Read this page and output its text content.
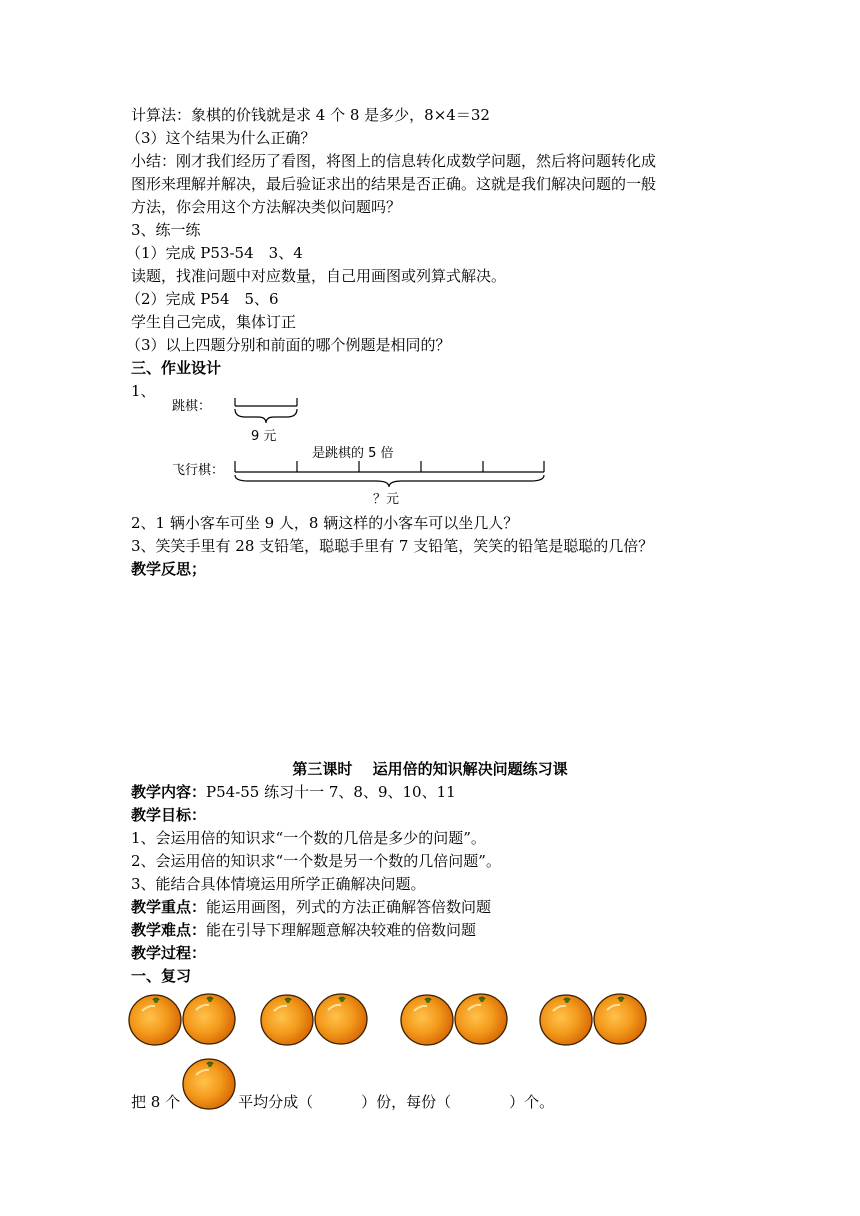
计算法：象棋的价钱就是求 4 个 8 是多少，8×4＝32
（3）这个结果为什么正确？
小结：刚才我们经历了看图，将图上的信息转化成数学问题，然后将问题转化成
图形来理解并解决，最后验证求出的结果是否正确。这就是我们解决问题的一般
方法，你会用这个方法解决类似问题吗？
3、练一练
（1）完成 P53-54　3、4
读题，找准问题中对应数量，自己用画图或列算式解决。
（2）完成 P54　5、6
学生自己完成，集体订正
（3）以上四题分别和前面的哪个例题是相同的？
三、作业设计
1、
跳棋：
9 元
是跳棋的 5 倍
飞行棋：
？元
2、1 辆小客车可坐 9 人，8 辆这样的小客车可以坐几人？
3、笑笑手里有 28 支铅笔，聪聪手里有 7 支铅笔，笑笑的铅笔是聪聪的几倍？
教学反思；
第三课时　 运用倍的知识解决问题练习课
教学内容：P54-55 练习十一 7、8、9、10、11
教学目标：
1、会运用倍的知识求“一个数的几倍是多少的问题”。
2、会运用倍的知识求“一个数是另一个数的几倍问题”。
3、能结合具体情境运用所学正确解决问题。
教学重点：能运用画图，列式的方法正确解答倍数问题
教学难点：能在引导下理解题意解决较难的倍数问题
教学过程：
一、复习
把 8 个	平均分成（	）份，每份（	）个。
